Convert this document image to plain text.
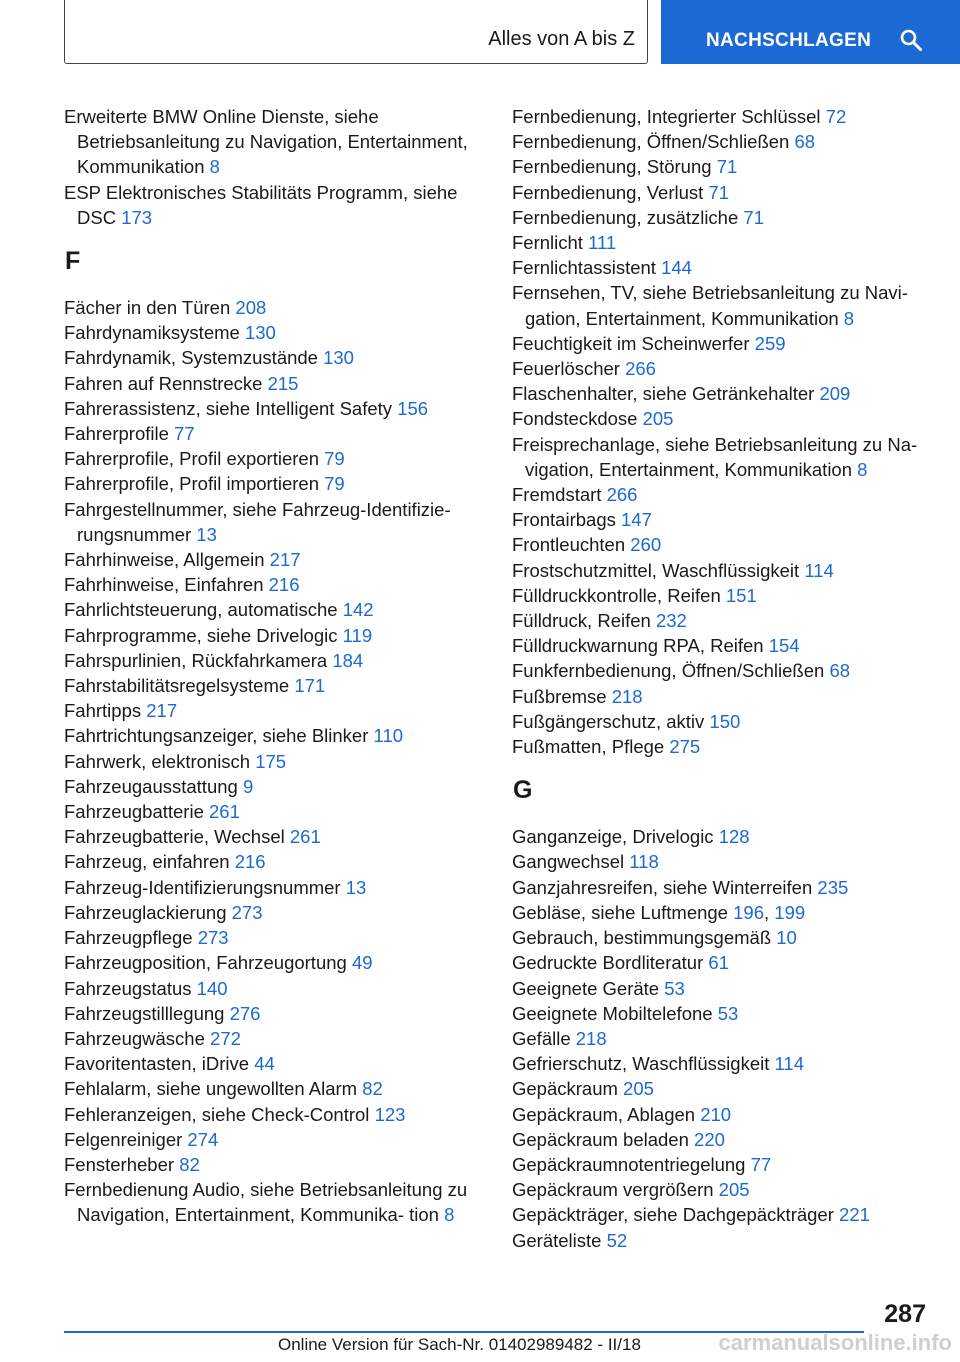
Alles von A bis Z	NACHSCHLAGEN
Erweiterte BMW Online Dienste, siehe Betriebsanleitung zu Navigation, Entertainment, Kommunikation 8
ESP Elektronisches Stabilitäts Programm, siehe DSC 173
F
Fächer in den Türen 208
Fahrdynamiksysteme 130
Fahrdynamik, Systemzustände 130
Fahren auf Rennstrecke 215
Fahrerassistenz, siehe Intelligent Safety 156
Fahrerprofile 77
Fahrerprofile, Profil exportieren 79
Fahrerprofile, Profil importieren 79
Fahrgestellnummer, siehe Fahrzeug-Identifizie‐ rungsnummer 13
Fahrhinweise, Allgemein 217
Fahrhinweise, Einfahren 216
Fahrlichtsteuerung, automatische 142
Fahrprogramme, siehe Drivelogic 119
Fahrspurlinien, Rückfahrkamera 184
Fahrstabilitätsregelsysteme 171
Fahrtipps 217
Fahrtrichtungsanzeiger, siehe Blinker 110
Fahrwerk, elektronisch 175
Fahrzeugausstattung 9
Fahrzeugbatterie 261
Fahrzeugbatterie, Wechsel 261
Fahrzeug, einfahren 216
Fahrzeug-Identifizierungsnummer 13
Fahrzeuglackierung 273
Fahrzeugpflege 273
Fahrzeugposition, Fahrzeugortung 49
Fahrzeugstatus 140
Fahrzeugstilllegung 276
Fahrzeugwäsche 272
Favoritentasten, iDrive 44
Fehlalarm, siehe ungewollten Alarm 82
Fehleranzeigen, siehe Check-Control 123
Felgenreiniger 274
Fensterheber 82
Fernbedienung Audio, siehe Betriebsanleitung zu Navigation, Entertainment, Kommunika‐ tion 8
Fernbedienung, Integrierter Schlüssel 72
Fernbedienung, Öffnen/Schließen 68
Fernbedienung, Störung 71
Fernbedienung, Verlust 71
Fernbedienung, zusätzliche 71
Fernlicht 111
Fernlichtassistent 144
Fernsehen, TV, siehe Betriebsanleitung zu Navi‐ gation, Entertainment, Kommunikation 8
Feuchtigkeit im Scheinwerfer 259
Feuerlöscher 266
Flaschenhalter, siehe Getränkehalter 209
Fondsteckdose 205
Freisprechanlage, siehe Betriebsanleitung zu Na‐ vigation, Entertainment, Kommunikation 8
Fremdstart 266
Frontairbags 147
Frontleuchten 260
Frostschutzmittel, Waschflüssigkeit 114
Fülldruckkontrolle, Reifen 151
Fülldruck, Reifen 232
Fülldruckwarnung RPA, Reifen 154
Funkfernbedienung, Öffnen/Schließen 68
Fußbremse 218
Fußgängerschutz, aktiv 150
Fußmatten, Pflege 275
G
Ganganzeige, Drivelogic 128
Gangwechsel 118
Ganzjahresreifen, siehe Winterreifen 235
Gebläse, siehe Luftmenge 196, 199
Gebrauch, bestimmungsgemäß 10
Gedruckte Bordliteratur 61
Geeignete Geräte 53
Geeignete Mobiltelefone 53
Gefälle 218
Gefrierschutz, Waschflüssigkeit 114
Gepäckraum 205
Gepäckraum, Ablagen 210
Gepäckraum beladen 220
Gepäckraumnotentriegelung 77
Gepäckraum vergrößern 205
Gepäckträger, siehe Dachgepäckträger 221
Geräteliste 52
287
Online Version für Sach-Nr. 01402989482 - II/18	carmanualsonline.info
